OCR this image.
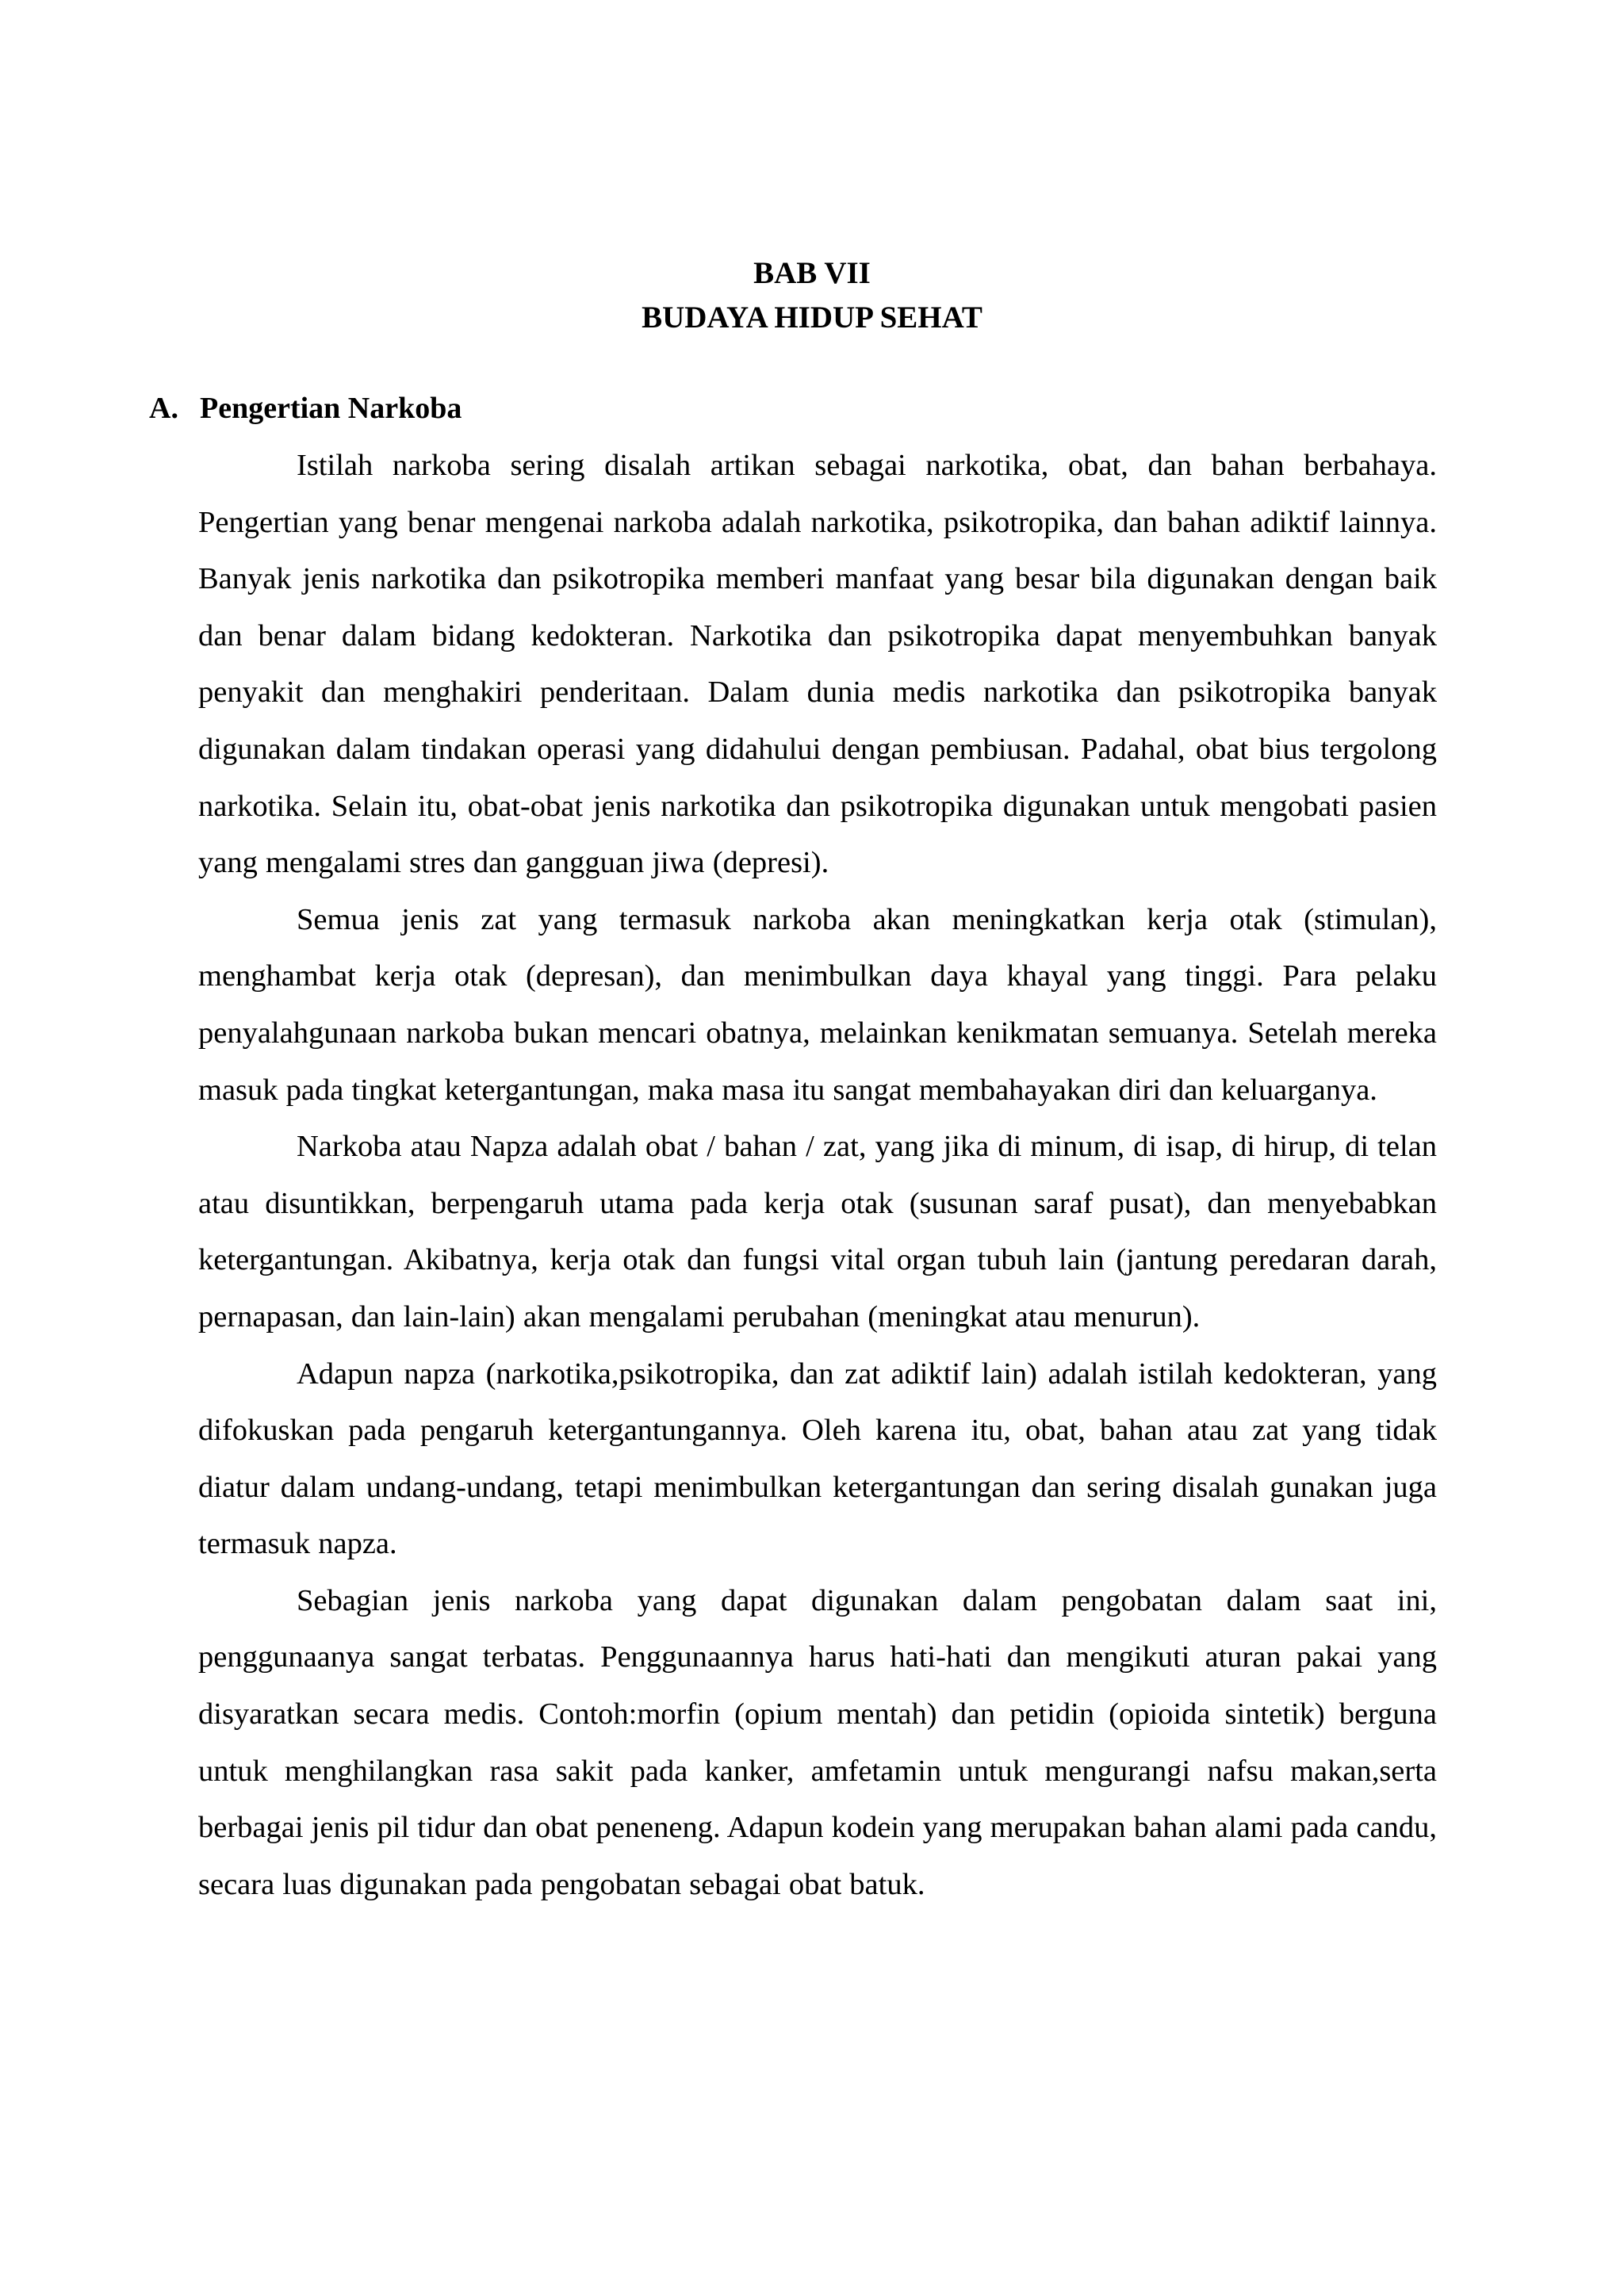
BAB VII
BUDAYA HIDUP SEHAT
A. Pengertian Narkoba

Istilah narkoba sering disalah artikan sebagai narkotika, obat, dan bahan berbahaya. Pengertian yang benar mengenai narkoba adalah narkotika, psikotropika, dan bahan adiktif lainnya. Banyak jenis narkotika dan psikotropika memberi manfaat yang besar bila digunakan dengan baik dan benar dalam bidang kedokteran. Narkotika dan psikotropika dapat menyembuhkan banyak penyakit dan menghakiri penderitaan. Dalam dunia medis narkotika dan psikotropika banyak digunakan dalam tindakan operasi yang didahului dengan pembiusan. Padahal, obat bius tergolong narkotika. Selain itu, obat-obat jenis narkotika dan psikotropika digunakan untuk mengobati pasien yang mengalami stres dan gangguan jiwa (depresi).

Semua jenis zat yang termasuk narkoba akan meningkatkan kerja otak (stimulan), menghambat kerja otak (depresan), dan menimbulkan daya khayal yang tinggi. Para pelaku penyalahgunaan narkoba bukan mencari obatnya, melainkan kenikmatan semuanya. Setelah mereka masuk pada tingkat ketergantungan, maka masa itu sangat membahayakan diri dan keluarganya.

Narkoba atau Napza adalah obat / bahan / zat, yang jika di minum, di isap, di hirup, di telan atau disuntikkan, berpengaruh utama pada kerja otak (susunan saraf pusat), dan menyebabkan ketergantungan. Akibatnya, kerja otak dan fungsi vital organ tubuh lain (jantung peredaran darah, pernapasan, dan lain-lain) akan mengalami perubahan (meningkat atau menurun).

Adapun napza (narkotika,psikotropika, dan zat adiktif lain) adalah istilah kedokteran, yang difokuskan pada pengaruh ketergantungannya. Oleh karena itu, obat, bahan atau zat yang tidak diatur dalam undang-undang, tetapi menimbulkan ketergantungan dan sering disalah gunakan juga termasuk napza.

Sebagian jenis narkoba yang dapat digunakan dalam pengobatan dalam saat ini, penggunaanya sangat terbatas. Penggunaannya harus hati-hati dan mengikuti aturan pakai yang disyaratkan secara medis. Contoh:morfin (opium mentah) dan petidin (opioida sintetik) berguna untuk menghilangkan rasa sakit pada kanker, amfetamin untuk mengurangi nafsu makan,serta berbagai jenis pil tidur dan obat peneneng. Adapun kodein yang merupakan bahan alami pada candu, secara luas digunakan pada pengobatan sebagai obat batuk.
